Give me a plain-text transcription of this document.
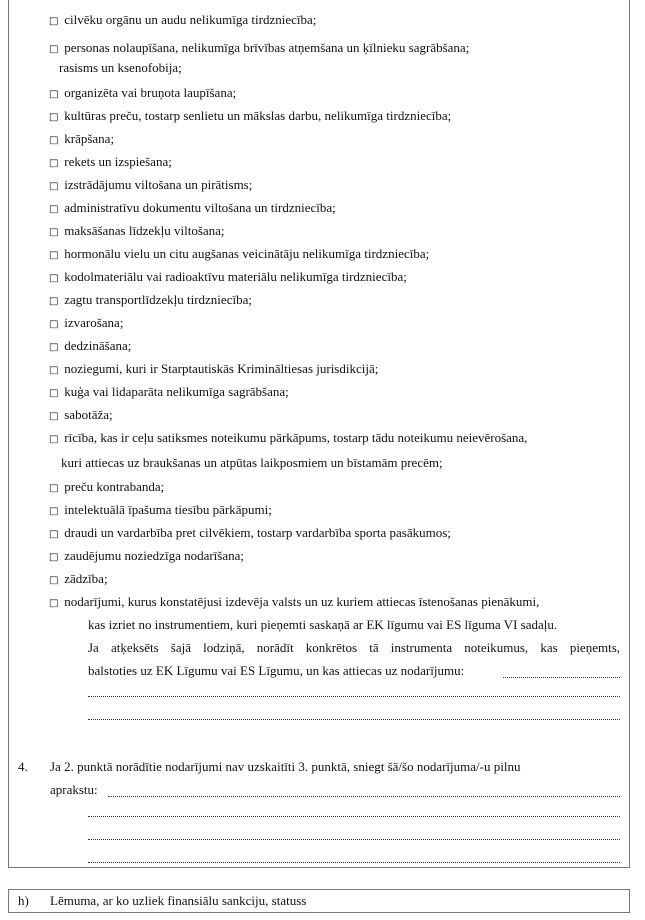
□ cilvēku orgānu un audu nelikumīga tirdzniecība;
□ personas nolaupīšana, nelikumīga brīvības atņemšana un ķīlnieku sagrābšana;
rasisms un ksenofobija;
□ organizēta vai bruņota laupīšana;
□ kultūras preču, tostarp senlietu un mākslas darbu, nelikumīga tirdzniecība;
□ krāpšana;
□ rekets un izspiešana;
□ izstrādājumu viltošana un pirātisms;
□ administratīvu dokumentu viltošana un tirdzniecība;
□ maksāšanas līdzekļu viltošana;
□ hormonālu vielu un citu augšanas veicinātāju nelikumīga tirdzniecība;
□ kodolmateriālu vai radioaktīvu materiālu nelikumīga tirdzniecība;
□ zagtu transportlīdzekļu tirdzniecība;
□ izvarošana;
□ dedzināšana;
□ noziegumi, kuri ir Starptautiskās Krimināltiesas jurisdikcijā;
□ kuģa vai lidaparāta nelikumīga sagrābšana;
□ sabotāža;
□ rīcība, kas ir ceļu satiksmes noteikumu pārkāpums, tostarp tādu noteikumu neievērošana,
kuri attiecas uz braukšanas un atpūtas laikposmiem un bīstamām precēm;
□ preču kontrabanda;
□ intelektuālā īpašuma tiesību pārkāpumi;
□ draudi un vardarbība pret cilvēkiem, tostarp vardarbība sporta pasākumos;
□ zaudējumu noziedzīga nodarīšana;
□ zādzība;
□ nodarījumi, kurus konstatējusi izdevēja valsts un uz kuriem attiecas īstenošanas pienākumi,
kas izriet no instrumentiem, kuri pieņemti saskaņā ar EK līgumu vai ES līguma VI sadaļu.
Ja atķeksēts šajā lodziņā, norādīt konkrētos tā instrumenta noteikumus, kas pieņemts,
balstoties uz EK Līgumu vai ES Līgumu, un kas attiecas uz nodarījumu:
4. Ja 2. punktā norādītie nodarījumi nav uzskaitīti 3. punktā, sniegt šā/šo nodarījuma/-u pilnu
aprakstu:
h) Lēmuma, ar ko uzliek finansiālu sankciju, statuss
